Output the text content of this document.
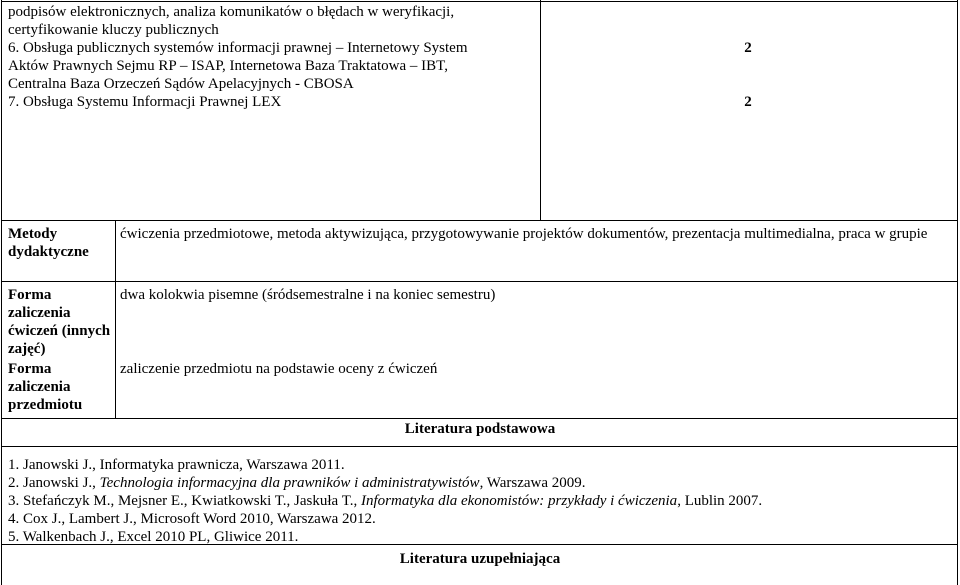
podpisów elektronicznych, analiza komunikatów o błędach w weryfikacji,

certyfikowanie kluczy publicznych

6. Obsługa publicznych systemów informacji prawnej – Internetowy System

Aktów Prawnych Sejmu RP – ISAP, Internetowa Baza Traktatowa – IBT,

Centralna Baza Orzeczeń Sądów Apelacyjnych - CBOSA

7. Obsługa Systemu Informacji Prawnej LEX

2
2
Metody dydaktyczne
ćwiczenia przedmiotowe, metoda aktywizująca, przygotowywanie projektów dokumentów, prezentacja multimedialna, praca w grupie
Forma zaliczenia ćwiczeń (innych zajęć)
dwa kolokwia pisemne (śródsemestralne i na koniec semestru)
Forma zaliczenia przedmiotu
zaliczenie przedmiotu na podstawie oceny z ćwiczeń
Literatura podstawowa
1. Janowski J., Informatyka prawnicza, Warszawa 2011.
2. Janowski J., Technologia informacyjna dla prawników i administratywistów, Warszawa 2009.
3. Stefańczyk M., Mejsner E., Kwiatkowski T., Jaskuła T., Informatyka dla ekonomistów: przykłady i ćwiczenia, Lublin 2007.
4. Cox J., Lambert J., Microsoft Word 2010, Warszawa 2012.
5. Walkenbach J., Excel 2010 PL, Gliwice 2011.
Literatura uzupełniająca
